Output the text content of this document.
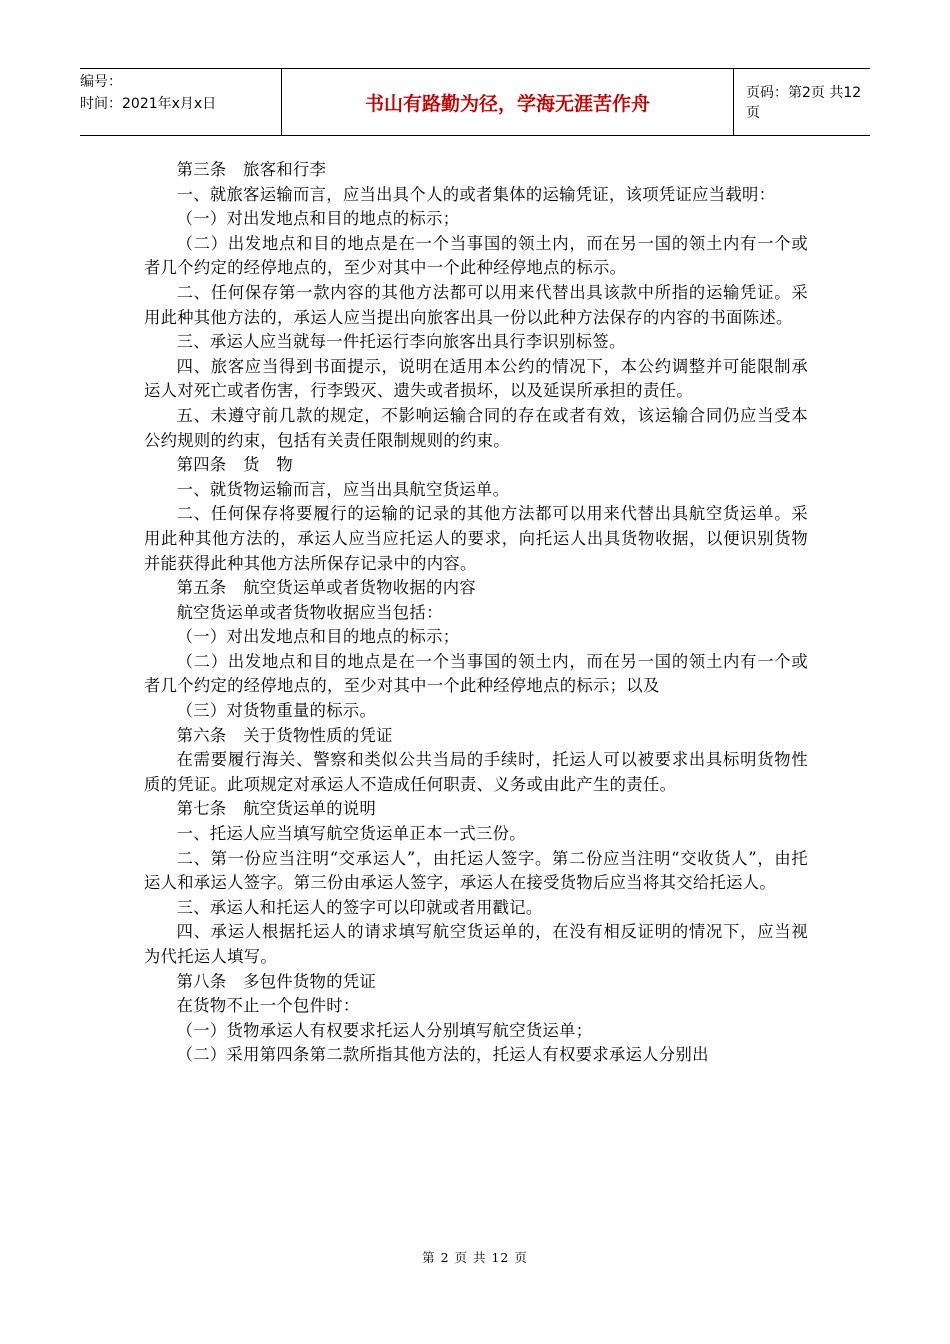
编号：
时间：2021年x月x日	书山有路勤为径，学海无涯苦作舟	页码：第2页 共12页

第三条　旅客和行李

一、就旅客运输而言，应当出具个人的或者集体的运输凭证，该项凭证应当载明：

（一）对出发地点和目的地点的标示；

（二）出发地点和目的地点是在一个当事国的领土内，而在另一国的领土内有一个或者几个约定的经停地点的，至少对其中一个此种经停地点的标示。

二、任何保存第一款内容的其他方法都可以用来代替出具该款中所指的运输凭证。采用此种其他方法的，承运人应当提出向旅客出具一份以此种方法保存的内容的书面陈述。

三、承运人应当就每一件托运行李向旅客出具行李识别标签。

四、旅客应当得到书面提示，说明在适用本公约的情况下，本公约调整并可能限制承运人对死亡或者伤害，行李毁灭、遗失或者损坏，以及延误所承担的责任。

五、未遵守前几款的规定，不影响运输合同的存在或者有效，该运输合同仍应当受本公约规则的约束，包括有关责任限制规则的约束。

第四条　货　物

一、就货物运输而言，应当出具航空货运单。

二、任何保存将要履行的运输的记录的其他方法都可以用来代替出具航空货运单。采用此种其他方法的，承运人应当应托运人的要求，向托运人出具货物收据，以便识别货物并能获得此种其他方法所保存记录中的内容。

第五条　航空货运单或者货物收据的内容

航空货运单或者货物收据应当包括：

（一）对出发地点和目的地点的标示；

（二）出发地点和目的地点是在一个当事国的领土内，而在另一国的领土内有一个或者几个约定的经停地点的，至少对其中一个此种经停地点的标示；以及

（三）对货物重量的标示。

第六条　关于货物性质的凭证

在需要履行海关、警察和类似公共当局的手续时，托运人可以被要求出具标明货物性质的凭证。此项规定对承运人不造成任何职责、义务或由此产生的责任。

第七条　航空货运单的说明

一、托运人应当填写航空货运单正本一式三份。

二、第一份应当注明“交承运人”，由托运人签字。第二份应当注明“交收货人”，由托运人和承运人签字。第三份由承运人签字，承运人在接受货物后应当将其交给托运人。

三、承运人和托运人的签字可以印就或者用戳记。

四、承运人根据托运人的请求填写航空货运单的，在没有相反证明的情况下，应当视为代托运人填写。

第八条　多包件货物的凭证

在货物不止一个包件时：

（一）货物承运人有权要求托运人分别填写航空货运单；

（二）采用第四条第二款所指其他方法的，托运人有权要求承运人分别出

第 2 页 共 12 页
